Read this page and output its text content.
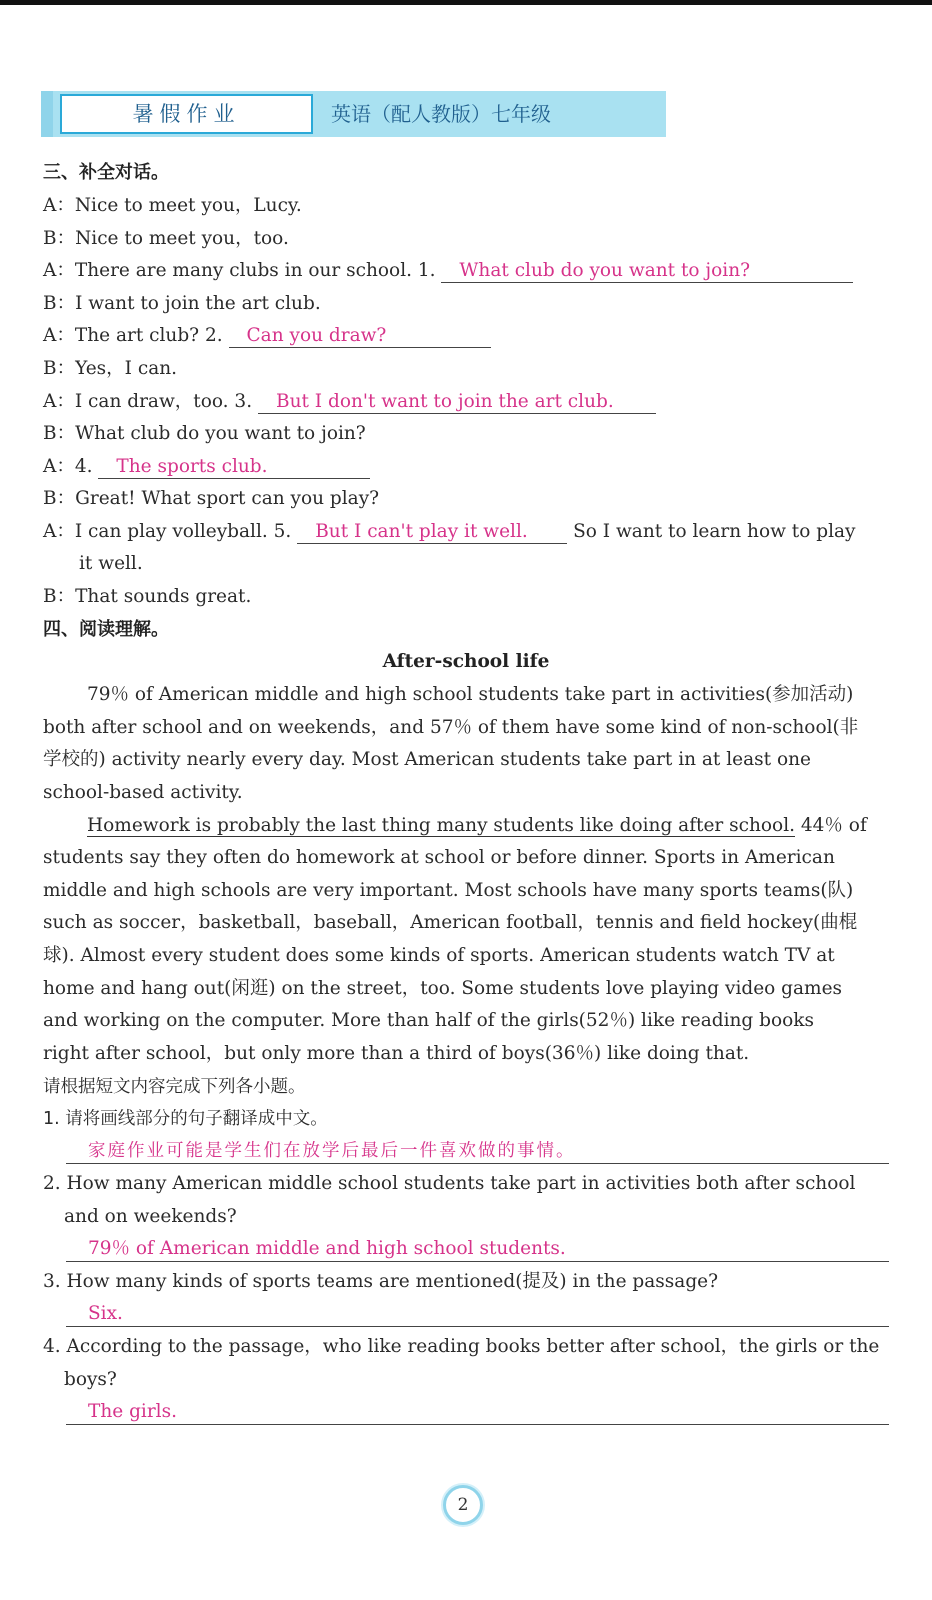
暑假作业	英语（配人教版）七年级
三、补全对话。
A：Nice to meet you，Lucy.
B：Nice to meet you，too.
A：There are many clubs in our school. 1. What club do you want to join?
B：I want to join the art club.
A：The art club? 2. Can you draw?
B：Yes，I can.
A：I can draw，too. 3. But I don't want to join the art club.
B：What club do you want to join?
A：4. The sports club.
B：Great! What sport can you play?
A：I can play volleyball. 5. But I can't play it well. So I want to learn how to play
it well.
B：That sounds great.
四、阅读理解。
After-school life
79％ of American middle and high school students take part in activities(参加活动)
both after school and on weekends，and 57％ of them have some kind of non-school(非
学校的) activity nearly every day. Most American students take part in at least one
school-based activity.
Homework is probably the last thing many students like doing after school. 44％ of
students say they often do homework at school or before dinner. Sports in American
middle and high schools are very important. Most schools have many sports teams(队)
such as soccer，basketball，baseball，American football，tennis and field hockey(曲棍
球). Almost every student does some kinds of sports. American students watch TV at
home and hang out(闲逛) on the street，too. Some students love playing video games
and working on the computer. More than half of the girls(52％) like reading books
right after school，but only more than a third of boys(36％) like doing that.
请根据短文内容完成下列各小题。
1. 请将画线部分的句子翻译成中文。
家庭作业可能是学生们在放学后最后一件喜欢做的事情。
2. How many American middle school students take part in activities both after school
and on weekends?
79％ of American middle and high school students.
3. How many kinds of sports teams are mentioned(提及) in the passage?
Six.
4. According to the passage，who like reading books better after school，the girls or the
boys?
The girls.
2
